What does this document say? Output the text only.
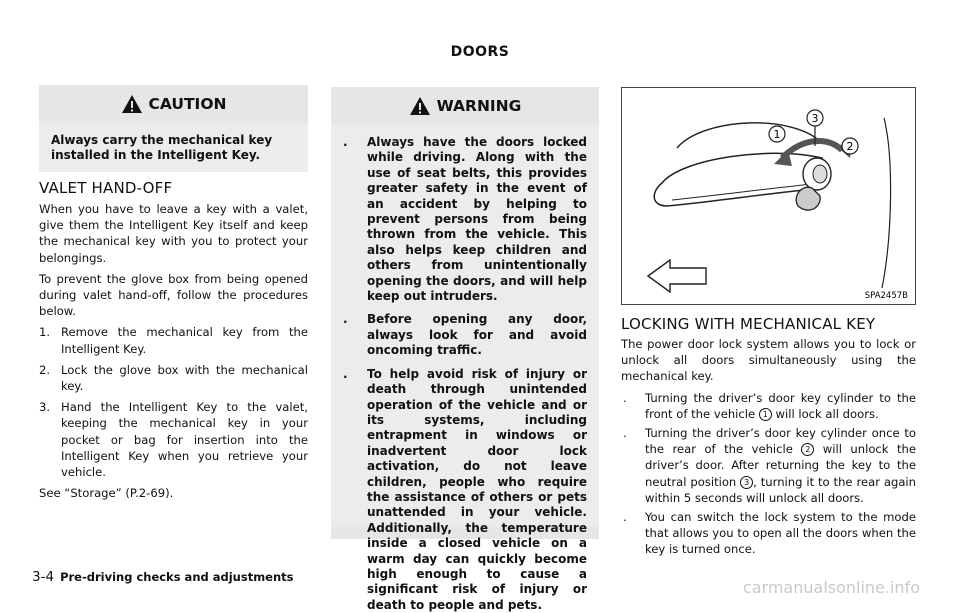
DOORS
CAUTION
Always carry the mechanical key installed in the Intelligent Key.
VALET HAND-OFF

When you have to leave a key with a valet, give them the Intelligent Key itself and keep the mechanical key with you to protect your belongings.

To prevent the glove box from being opened during valet hand-off, follow the procedures below.

1. Remove the mechanical key from the Intelligent Key.
2. Lock the glove box with the mechanical key.
3. Hand the Intelligent Key to the valet, keeping the mechanical key in your pocket or bag for insertion into the Intelligent Key when you retrieve your vehicle.

See “Storage” (P.2-69).

WARNING
. Always have the doors locked while driving. Along with the use of seat belts, this provides greater safety in the event of an accident by helping to prevent persons from being thrown from the vehicle. This also helps keep children and others from unintentionally opening the doors, and will help keep out intruders.
. Before opening any door, always look for and avoid oncoming traffic.
. To help avoid risk of injury or death through unintended operation of the vehicle and or its systems, including entrapment in windows or inadvertent door lock activation, do not leave children, people who require the assistance of others or pets unattended in your vehicle. Additionally, the temperature inside a closed vehicle on a warm day can quickly become high enough to cause a significant risk of injury or death to people and pets.
1
3
2
SPA2457B
LOCKING WITH MECHANICAL KEY

The power door lock system allows you to lock or unlock all doors simultaneously using the mechanical key.

. Turning the driver’s door key cylinder to the front of the vehicle 1 will lock all doors.
. Turning the driver’s door key cylinder once to the rear of the vehicle 2 will unlock the driver’s door. After returning the key to the neutral position 3 , turning it to the rear again within 5 seconds will unlock all doors.
. You can switch the lock system to the mode that allows you to open all the doors when the key is turned once.
3-4 Pre-driving checks and adjustments
carmanualsonline.info
